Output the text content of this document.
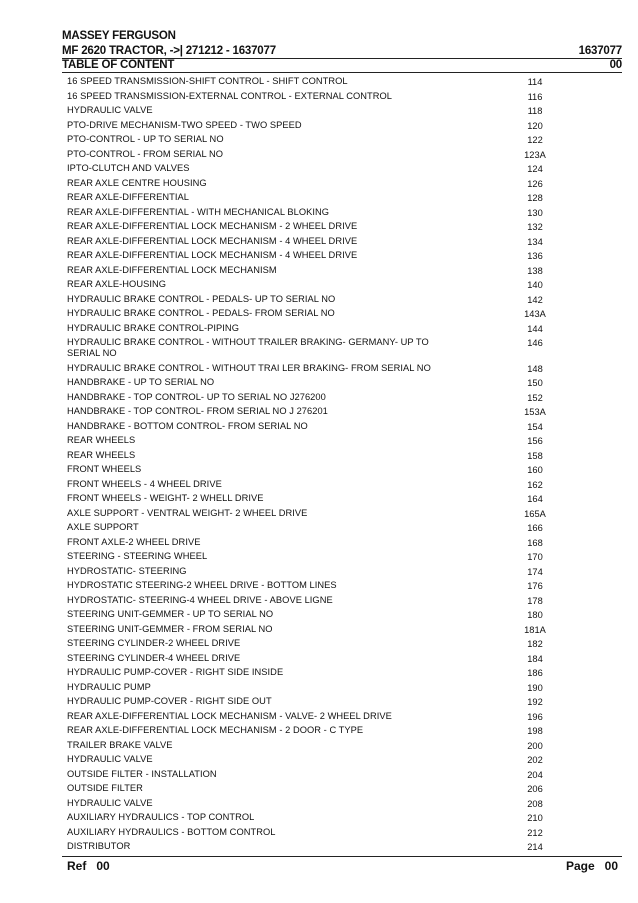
MASSEY FERGUSON
MF 2620 TRACTOR, ->| 271212 - 1637077	1637077
TABLE OF CONTENT	00
16 SPEED TRANSMISSION-SHIFT CONTROL - SHIFT CONTROL	114
16 SPEED TRANSMISSION-EXTERNAL CONTROL - EXTERNAL CONTROL	116
HYDRAULIC VALVE	118
PTO-DRIVE MECHANISM-TWO SPEED - TWO SPEED	120
PTO-CONTROL - UP TO SERIAL NO	122
PTO-CONTROL - FROM SERIAL NO	123A
IPTO-CLUTCH AND VALVES	124
REAR AXLE CENTRE HOUSING	126
REAR AXLE-DIFFERENTIAL	128
REAR AXLE-DIFFERENTIAL - WITH MECHANICAL BLOKING	130
REAR AXLE-DIFFERENTIAL LOCK MECHANISM - 2 WHEEL DRIVE	132
REAR AXLE-DIFFERENTIAL LOCK MECHANISM - 4 WHEEL DRIVE	134
REAR AXLE-DIFFERENTIAL LOCK MECHANISM - 4 WHEEL DRIVE	136
REAR AXLE-DIFFERENTIAL LOCK MECHANISM	138
REAR AXLE-HOUSING	140
HYDRAULIC BRAKE CONTROL - PEDALS- UP TO SERIAL NO	142
HYDRAULIC BRAKE CONTROL - PEDALS- FROM SERIAL NO	143A
HYDRAULIC BRAKE CONTROL-PIPING	144
HYDRAULIC BRAKE CONTROL - WITHOUT TRAILER BRAKING- GERMANY- UP TO SERIAL NO
146
HYDRAULIC BRAKE CONTROL - WITHOUT TRAI LER BRAKING- FROM SERIAL NO	148
HANDBRAKE - UP TO SERIAL NO	150
HANDBRAKE - TOP CONTROL- UP TO SERIAL NO J276200	152
HANDBRAKE - TOP CONTROL- FROM SERIAL NO J 276201	153A
HANDBRAKE - BOTTOM CONTROL- FROM SERIAL NO	154
REAR WHEELS	156
REAR WHEELS	158
FRONT WHEELS	160
FRONT WHEELS - 4 WHEEL DRIVE	162
FRONT WHEELS - WEIGHT- 2 WHELL DRIVE	164
AXLE SUPPORT - VENTRAL WEIGHT- 2 WHEEL DRIVE	165A
AXLE SUPPORT	166
FRONT AXLE-2 WHEEL DRIVE	168
STEERING - STEERING WHEEL	170
HYDROSTATIC- STEERING	174
HYDROSTATIC STEERING-2 WHEEL DRIVE - BOTTOM LINES	176
HYDROSTATIC- STEERING-4 WHEEL DRIVE - ABOVE LIGNE	178
STEERING UNIT-GEMMER - UP TO SERIAL NO	180
STEERING UNIT-GEMMER - FROM SERIAL NO	181A
STEERING CYLINDER-2 WHEEL DRIVE	182
STEERING CYLINDER-4 WHEEL DRIVE	184
HYDRAULIC PUMP-COVER - RIGHT SIDE INSIDE	186
HYDRAULIC PUMP	190
HYDRAULIC PUMP-COVER - RIGHT SIDE OUT	192
REAR AXLE-DIFFERENTIAL LOCK MECHANISM - VALVE- 2 WHEEL DRIVE	196
REAR AXLE-DIFFERENTIAL LOCK MECHANISM - 2 DOOR - C TYPE	198
TRAILER BRAKE VALVE	200
HYDRAULIC VALVE	202
OUTSIDE FILTER - INSTALLATION	204
OUTSIDE FILTER	206
HYDRAULIC VALVE	208
AUXILIARY HYDRAULICS - TOP CONTROL	210
AUXILIARY HYDRAULICS - BOTTOM CONTROL	212
DISTRIBUTOR	214
Ref 00	Page 00
